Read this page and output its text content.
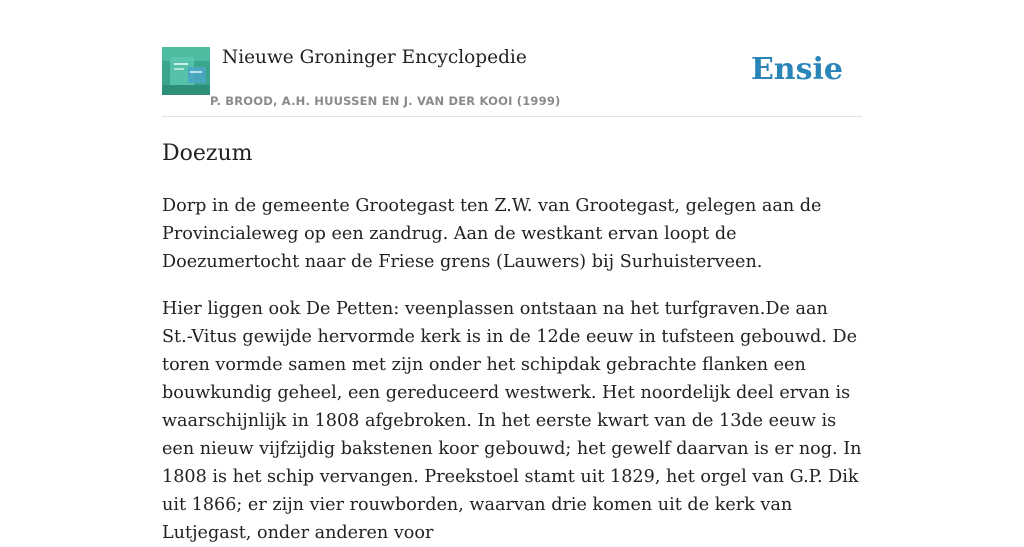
Nieuwe Groninger Encyclopedie
P. BROOD, A.H. HUUSSEN EN J. VAN DER KOOI (1999)
Ensie
Doezum

Dorp in de gemeente Grootegast ten Z.W. van Grootegast, gelegen aan de Provincialeweg op een zandrug. Aan de westkant ervan loopt de Doezumertocht naar de Friese grens (Lauwers) bij Surhuisterveen.

Hier liggen ook De Petten: veenplassen ontstaan na het turfgraven.De aan St.-Vitus gewijde hervormde kerk is in de 12de eeuw in tufsteen gebouwd. De toren vormde samen met zijn onder het schipdak gebrachte flanken een bouwkundig geheel, een gereduceerd westwerk. Het noordelijk deel ervan is waarschijnlijk in 1808 afgebroken. In het eerste kwart van de 13de eeuw is een nieuw vijfzijdig bakstenen koor gebouwd; het gewelf daarvan is er nog. In 1808 is het schip vervangen. Preekstoel stamt uit 1829, het orgel van G.P. Dik uit 1866; er zijn vier rouwborden, waarvan drie komen uit de kerk van Lutjegast, onder anderen voor
